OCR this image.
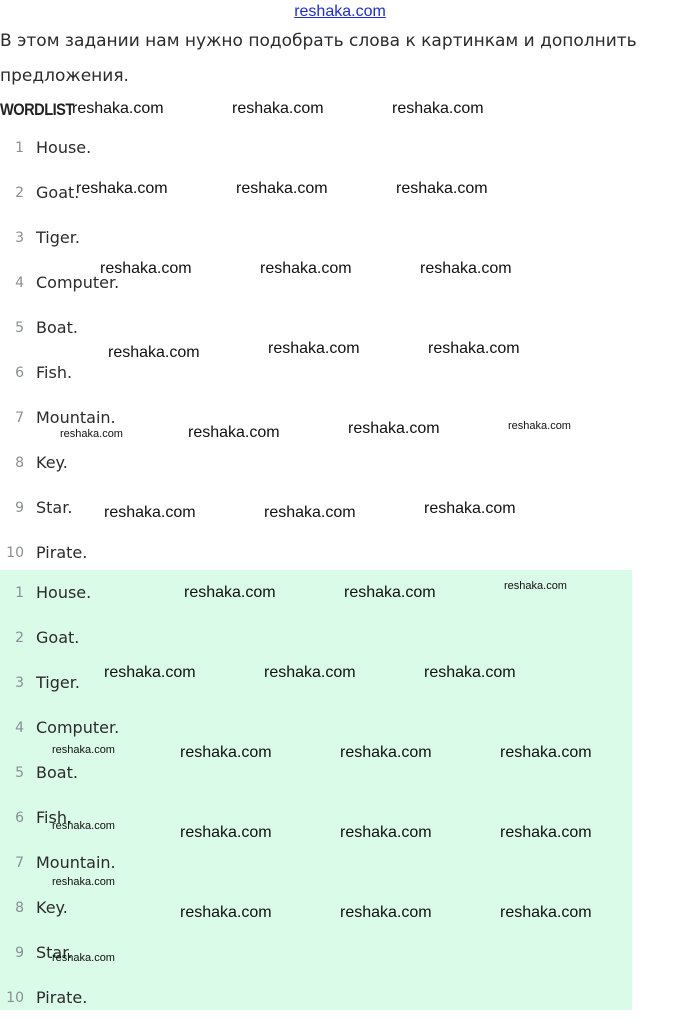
reshaka.com
В этом задании нам нужно подобрать слова к картинкам и дополнить предложения.
WORDLIST
1 House.
2 Goat.
3 Tiger.
4 Computer.
5 Boat.
6 Fish.
7 Mountain.
8 Key.
9 Star.
10 Pirate.
1 House.
2 Goat.
3 Tiger.
4 Computer.
5 Boat.
6 Fish.
7 Mountain.
8 Key.
9 Star.
10 Pirate.
reshaka.com	reshaka.com	reshaka.com
reshaka.com	reshaka.com	reshaka.com
reshaka.com	reshaka.com	reshaka.com
reshaka.com	reshaka.com	reshaka.com
reshaka.com	reshaka.com	reshaka.com	reshaka.com
reshaka.com	reshaka.com	reshaka.com
reshaka.com	reshaka.com	reshaka.com
reshaka.com	reshaka.com	reshaka.com
reshaka.com	reshaka.com	reshaka.com	reshaka.com
reshaka.com	reshaka.com	reshaka.com	reshaka.com
reshaka.com
reshaka.com	reshaka.com	reshaka.com
reshaka.com
